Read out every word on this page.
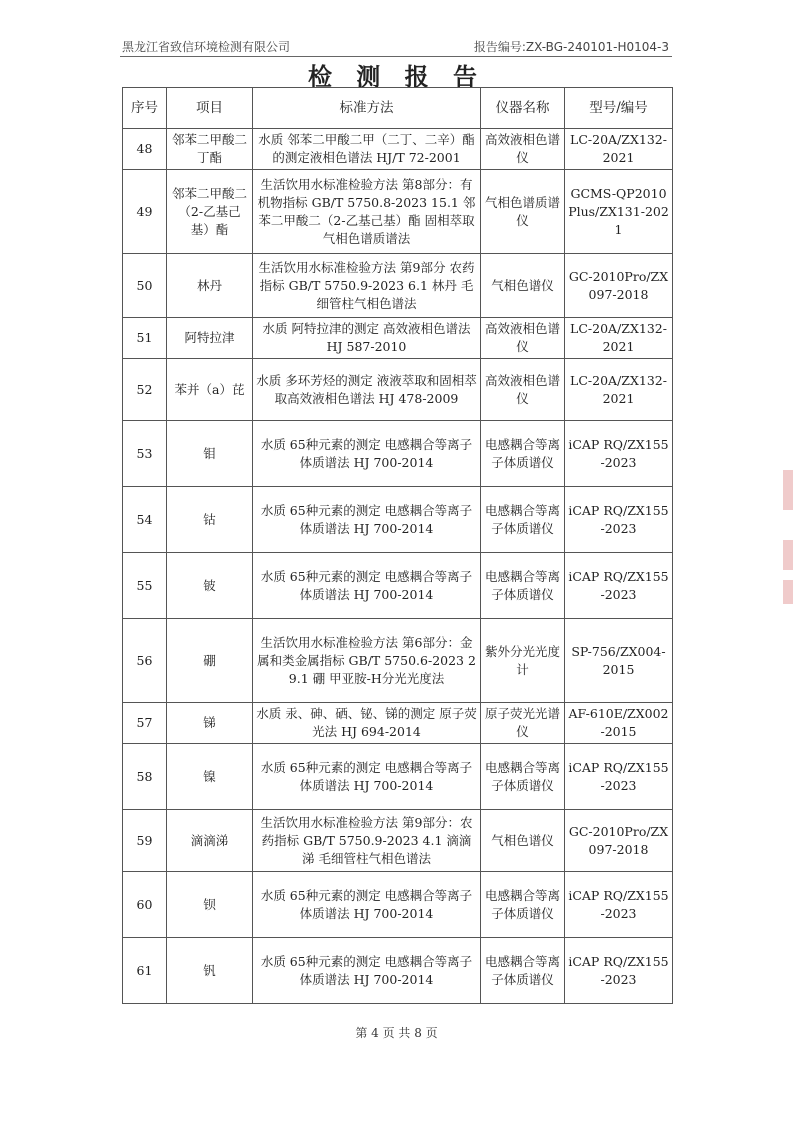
黑龙江省致信环境检测有限公司	报告编号:ZX-BG-240101-H0104-3
检 测 报 告
序号	项目	标准方法	仪器名称	型号/编号
48	邻苯二甲酸二丁酯	水质 邻苯二甲酸二甲（二丁、二辛）酯的测定液相色谱法 HJ/T 72-2001	高效液相色谱仪	LC-20A/ZX132-2021
49	邻苯二甲酸二（2-乙基己基）酯	生活饮用水标准检验方法 第8部分：有机物指标 GB/T 5750.8-2023 15.1 邻苯二甲酸二（2-乙基己基）酯 固相萃取气相色谱质谱法	气相色谱质谱仪	GCMS-QP2010 Plus/ZX131-2021
50	林丹	生活饮用水标准检验方法 第9部分 农药指标 GB/T 5750.9-2023 6.1 林丹 毛细管柱气相色谱法	气相色谱仪	GC-2010Pro/ZX097-2018
51	阿特拉津	水质 阿特拉津的测定 高效液相色谱法 HJ 587-2010	高效液相色谱仪	LC-20A/ZX132-2021
52	苯并（a）芘	水质 多环芳烃的测定 液液萃取和固相萃取高效液相色谱法 HJ 478-2009	高效液相色谱仪	LC-20A/ZX132-2021
53	钼	水质 65种元素的测定 电感耦合等离子体质谱法 HJ 700-2014	电感耦合等离子体质谱仪	iCAP RQ/ZX155-2023
54	钴	水质 65种元素的测定 电感耦合等离子体质谱法 HJ 700-2014	电感耦合等离子体质谱仪	iCAP RQ/ZX155-2023
55	铍	水质 65种元素的测定 电感耦合等离子体质谱法 HJ 700-2014	电感耦合等离子体质谱仪	iCAP RQ/ZX155-2023
56	硼	生活饮用水标准检验方法 第6部分：金属和类金属指标 GB/T 5750.6-2023 29.1 硼 甲亚胺-H分光光度法	紫外分光光度计	SP-756/ZX004-2015
57	锑	水质 汞、砷、硒、铋、锑的测定 原子荧光法 HJ 694-2014	原子荧光光谱仪	AF-610E/ZX002-2015
58	镍	水质 65种元素的测定 电感耦合等离子体质谱法 HJ 700-2014	电感耦合等离子体质谱仪	iCAP RQ/ZX155-2023
59	滴滴涕	生活饮用水标准检验方法 第9部分：农药指标 GB/T 5750.9-2023 4.1 滴滴涕 毛细管柱气相色谱法	气相色谱仪	GC-2010Pro/ZX097-2018
60	钡	水质 65种元素的测定 电感耦合等离子体质谱法 HJ 700-2014	电感耦合等离子体质谱仪	iCAP RQ/ZX155-2023
61	钒	水质 65种元素的测定 电感耦合等离子体质谱法 HJ 700-2014	电感耦合等离子体质谱仪	iCAP RQ/ZX155-2023
第 4 页 共 8 页
